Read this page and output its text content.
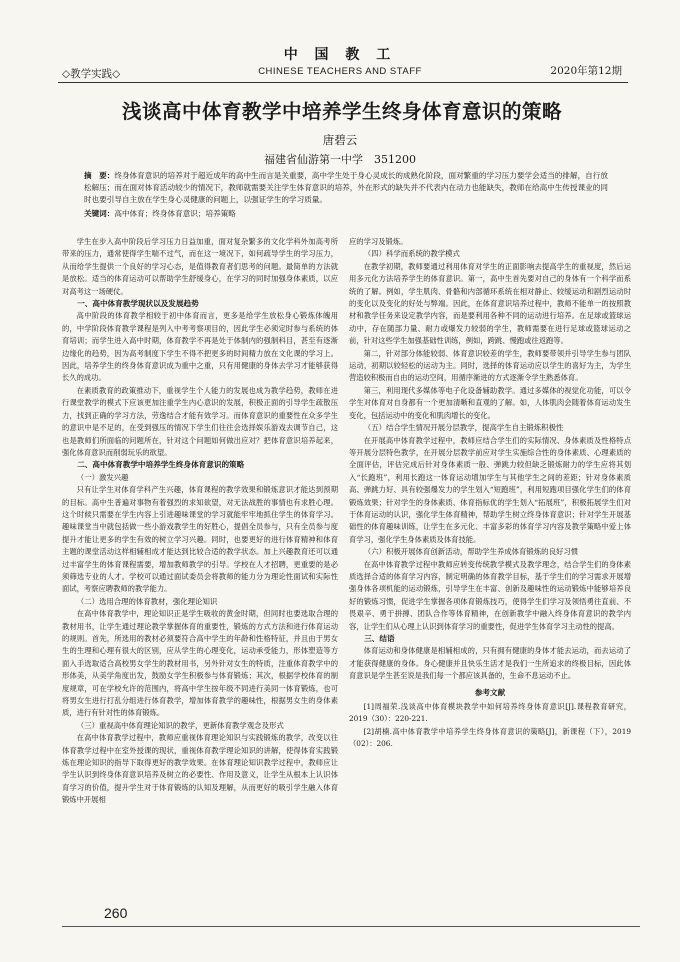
中 国 教 工
CHINESE TEACHERS AND STAFF
◇教学实践◇	2020年第12期
浅谈高中体育教学中培养学生终身体育意识的策略
唐碧云
福建省仙游第一中学　351200
摘　要：终身体育意识的培养对于超近成年的高中生而言是关重要，高中学生处于身心灵成长的成熟化阶段，面对繁重的学习压力要学会适当的排解，自行放松解压；而在面对体育活动较少的情况下，教师就需要关注学生体育意识的培养，外在形式的缺失并不代表内在动力也能缺失，教师在给高中生传授课业的同时也要引导自主放在学生身心灵健康的问题上，以强证学生的学习质量。
关键词：高中体育；终身体育意识；培养策略

学生在步入高中阶段后学习压力日益加重，面对复杂繁多的文化学科外加高考所带来的压力，通常使得学生喘不过气，而在这一境况下，如何疏导学生的学习压力，从而给学生提供一个良好的学习心态，是值得教育者们思考的问题。最简单的方法就是放松。适当的体育运动可以帮助学生舒缓身心，在学习的同时加强身体素质，以应对高考这一场硬仗。

一、高中体育教学现状以及发展趋势

高中阶段的体育教学相较于初中体育而言，更多是给学生放松身心锻炼体魄用的，中学阶段体育教学课程是列入中考考察项目的，因此学生必须定时参与系统的体育培训；而学生进入高中时期，体育教学不再是处于体制内的强制科目，甚至有逐渐边缘化的趋势，因为高考制度下学生不得不把更多的时间精力放在文化课的学习上。因此，培养学生的终身体育意识成为重中之重，只有用健康的身体去学习才能够获得长久的成功。

在素质教育的政策推动下，重视学生个人能力的发展也成为教学趋势，教师在进行课堂教学的模式下应该更加注重学生内心意识的发展，积极正面的引导学生疏散压力，找到正确的学习方法，劳逸结合才能有效学习。而体育意识的重要性在众多学生的意识中是不足的，在受到强压的情况下学生们往往会选择娱乐游戏去调节自己，这也是教师们所面临的问题所在，针对这个问题如何做出应对？把体育意识培养起来，强化体育意识而削弱玩乐的欲望。

二、高中体育教学中培养学生终身体育意识的策略
（一）激发兴趣

只有让学生对体育学科产生兴趣，体育课程的教学效果和锻炼意识才能达到预期的目标。高中生普遍对事物有着强烈的求知欲望，对无法战胜的事情也有求胜心理。这个时候只需要在学生内容上引进趣味课堂的学习就能牢牢地抓住学生的体育学习。趣味课堂当中就包括做一些小游戏教学生的好胜心，提倡全员参与，只有全员参与度提升才能让更多的学生有效的树立学习兴趣。同时，也要更好的进行体育精神和体育主题的课堂活动这样相辅相成才能达到比较合适的教学状态。加上兴趣教育还可以通过丰富学生的体育课程需要，增加教师教学的引导。学校在人才招聘，更重要的是必须筛选专业的人才。学校可以通过面试委员会将教师的能力分为理论性面试和实际性面试，考察应聘教师的教学能力。

（二）选用合理的体育教材，强化理论知识

在高中体育教学中，理论知识正是学生吸收的黄金时期，但同时也要选取合理的教材用书，让学生通过理论教学掌握体育的重要性，锻炼的方式方法和进行体育运动的规则。首先，所选用的教材必须要符合高中学生的年龄和性格特征，并且由于男女生的生理和心理有很大的区别，应从学生的心理变化，运动承受能力，形体塑造等方面入手选取适合高校男女学生的教材用书，另外针对女生的特质，注重体育教学中的形体美，从美学角度出发，鼓励女学生积极参与体育锻炼；其次，根据学校体育的制度规章，可在学校允许的范围内，将高中学生按年级不同进行美同一体育锻炼，也可将男女生进行打乱分组进行体育教学，增加体育教学的趣味性，根据男女生的身体素质，进行有针对性的体育锻炼。

（三）重视高中体育理论知识的教学，更新体育教学观念及形式

在高中体育教学过程中，教师应重视体育理论知识与实践锻炼的教学，改变以往体育教学过程中在室外授课的现状，重视体育教学理论知识的讲解，使得体育实践锻炼在理论知识的指导下取得更好的教学效果。在体育理论知识教学过程中，教师应让学生认识到终身体育意识培养及树立的必要性、作用及意义，让学生从根本上认识体育学习的价值，提升学生对于体育锻炼的认知及理解，从而更好的吸引学生融入体育锻炼中开展相

应的学习及锻炼。

（四）科学而系统的教学模式

在教学初期，教师要通过利用体育对学生的正面影响去提高学生的重视度，然后运用多元化方法培养学生的体育意识。第一，高中生首先要对自己的身体有一个科学而系统的了解。例如，学生肌肉、骨骼和内部循环系统在相对静止、较缓运动和剧烈运动时的变化以及变化的好处与弊端。因此，在体育意识培养过程中，教师不能单一的按照教材和教学任务来设定教学内容，而是要利用各种不同的运动进行培养。在足球或篮球运动中，存在随部力量、耐力或爆发力较弱的学生，教师需要在进行足球或篮球运动之前，针对这些学生加强基础性训练，例如，跨跳、慢跑或往返跑等。

第二，针对部分体能较弱、体育意识较差的学生，教师要带领并引导学生参与团队运动，初期以较轻松的运动为主。同时，选择的体育运动应以学生的喜好为主，为学生营造较积极而自由的运动空间，用循序渐进的方式逐渐令学生熟悉体育。

第三，利用现代多媒体等电子化设备辅助教学。通过多媒体的视觉化功能，可以令学生对体育对自身都有一个更加清晰和直观的了解。如，人体肌肉会随着体育运动发生变化，包括运动中的变化和肌肉增长的变化。

（五）结合学生情况开展分层教学，提高学生自主锻炼积极性

在开展高中体育教学过程中，教师应结合学生们的实际情况、身体素质及性格特点等开展分层特色教学，在开展分层教学前应对学生实施综合性的身体素质、心理素质的全面评估，评估完成后针对身体素质一般、弹跳力较但缺乏锻炼耐力的学生应将其划入“长跑班”，利用长跑这一体育运动增加学生与其他学生之间的差距；针对身体素质高、弹跳力好、具有较强爆发力的学生划入“短跑班”，利用短跑项目强化学生们的体育锻炼效果；针对学生的身体素质、体育指标优的学生划入“拓展班”，积极拓展学生们对于体育运动的认识，强化学生体育精神，帮助学生树立终身体育意识；针对学生开展基础性的体育趣味训练，让学生在多元化、丰富多彩的体育学习内容及教学策略中爱上体育学习，强化学生身体素质及体育技能。

（六）积极开展体育创新活动，帮助学生养成体育锻炼的良好习惯

在高中体育教学过程中教师应转变传统教学模式及教学理念，结合学生们的身体素质选择合适的体育学习内容，制定明确的体育教学目标，基于学生们的学习需求开展增强身体各项机能的运动锻炼，引导学生在丰富、创新及趣味性的运动锻炼中能够培养良好的锻炼习惯，促进学生掌握各项体育锻炼技巧，使得学生们学习及领悟勇往直前、不畏艰辛、勇于拼搏、团队合作等体育精神，在创新教学中融入终身体育意识的教学内容，让学生们从心理上认识到体育学习的重要性，促进学生体育学习主动性的提高。

三、结语

体育运动和身体健康是相辅相成的，只有拥有健康的身体才能去运动，而去运动了才能获得健康的身体。身心健康并且快乐生活才是我们一生所追求的终极目标，因此体育意识是学生甚至说是我们每一个都应该具备的，生命不息运动不止。

参考文献

[1]周福荣.浅谈高中体育模块教学中如何培养终身体育意识[J].课程教育研究，2019（30）：220-221.

[2]胡楠.高中体育教学中培养学生终身体育意识的策略[J]，新课程（下），2019（02）：206.

260
